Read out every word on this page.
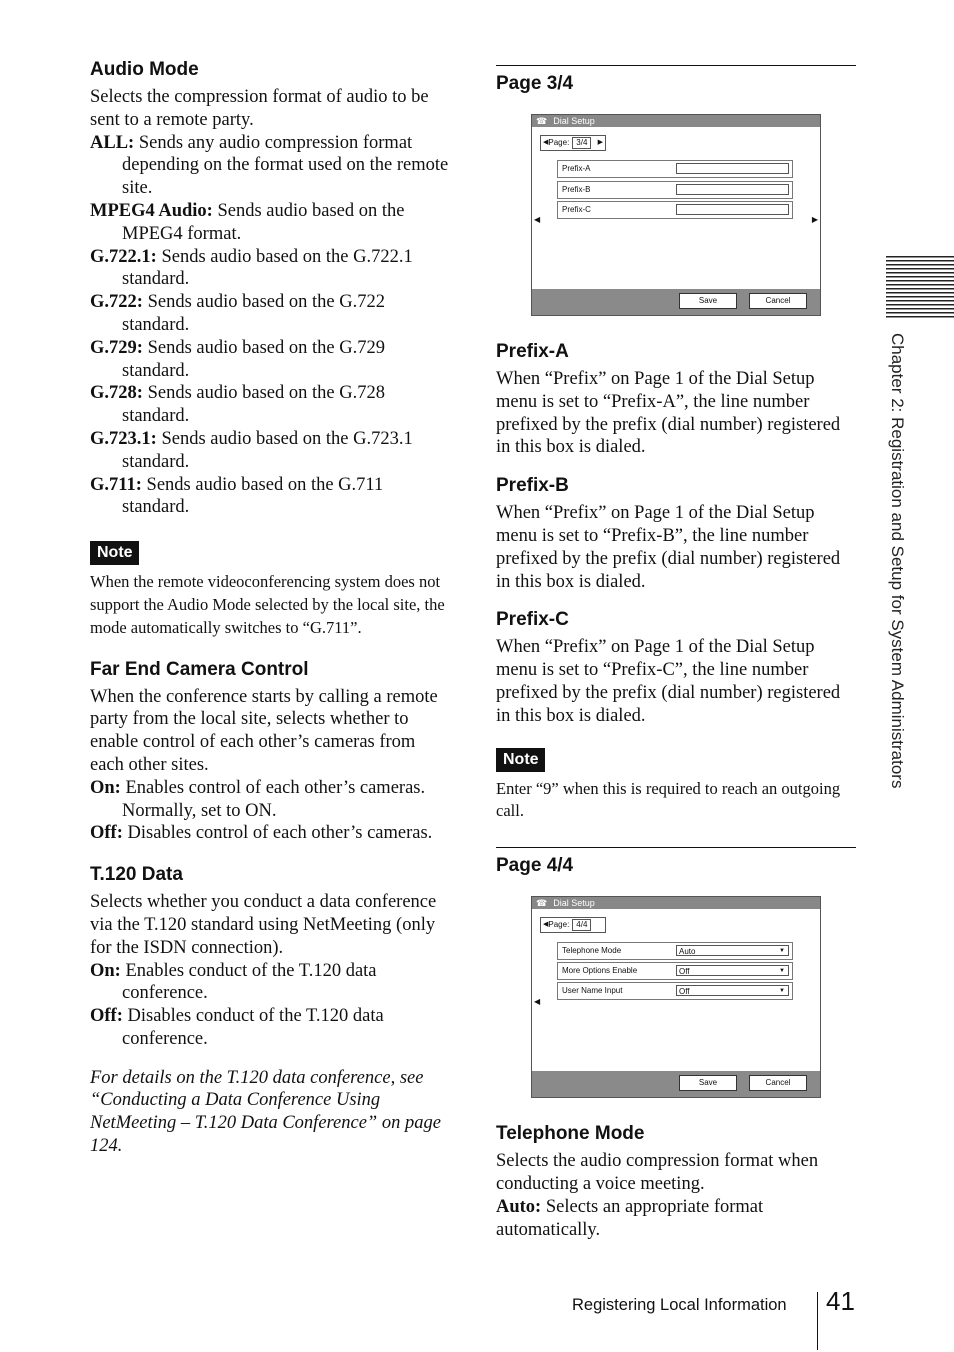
Audio Mode

Selects the compression format of audio to be sent to a remote party.

ALL: Sends any audio compression format depending on the format used on the remote site.
MPEG4 Audio: Sends audio based on the MPEG4 format.
G.722.1: Sends audio based on the G.722.1 standard.
G.722: Sends audio based on the G.722 standard.
G.729: Sends audio based on the G.729 standard.
G.728: Sends audio based on the G.728 standard.
G.723.1: Sends audio based on the G.723.1 standard.
G.711: Sends audio based on the G.711 standard.
Note

When the remote videoconferencing system does not support the Audio Mode selected by the local site, the mode automatically switches to “G.711”.

Far End Camera Control

When the conference starts by calling a remote party from the local site, selects whether to enable control of each other’s cameras from each other sites.

On: Enables control of each other’s cameras. Normally, set to ON.
Off: Disables control of each other’s cameras.
T.120 Data

Selects whether you conduct a data conference via the T.120 standard using NetMeeting (only for the ISDN connection).

On: Enables conduct of the T.120 data conference.
Off: Disables conduct of the T.120 data conference.

For details on the T.120 data conference, see “Conducting a Data Conference Using NetMeeting – T.120 Data Conference” on page 124.

Page 3/4
☎ Dial Setup
◀ Page: 3/4	▶
Prefix-A
Prefix-B
Prefix-C
◀	▶
Save	Cancel
Prefix-A

When “Prefix” on Page 1 of the Dial Setup menu is set to “Prefix-A”, the line number prefixed by the prefix (dial number) registered in this box is dialed.

Prefix-B

When “Prefix” on Page 1 of the Dial Setup menu is set to “Prefix-B”, the line number prefixed by the prefix (dial number) registered in this box is dialed.

Prefix-C

When “Prefix” on Page 1 of the Dial Setup menu is set to “Prefix-C”, the line number prefixed by the prefix (dial number) registered in this box is dialed.

Note

Enter “9” when this is required to reach an outgoing call.

Page 4/4
☎ Dial Setup
◀ Page: 4/4
Telephone Mode	Auto	▼
More Options Enable	Off	▼
User Name Input	Off	▼
◀
Save	Cancel
Telephone Mode

Selects the audio compression format when conducting a voice meeting.

Auto: Selects an appropriate format automatically.
Chapter 2: Registration and Setup for System Administrators
Registering Local Information 41
